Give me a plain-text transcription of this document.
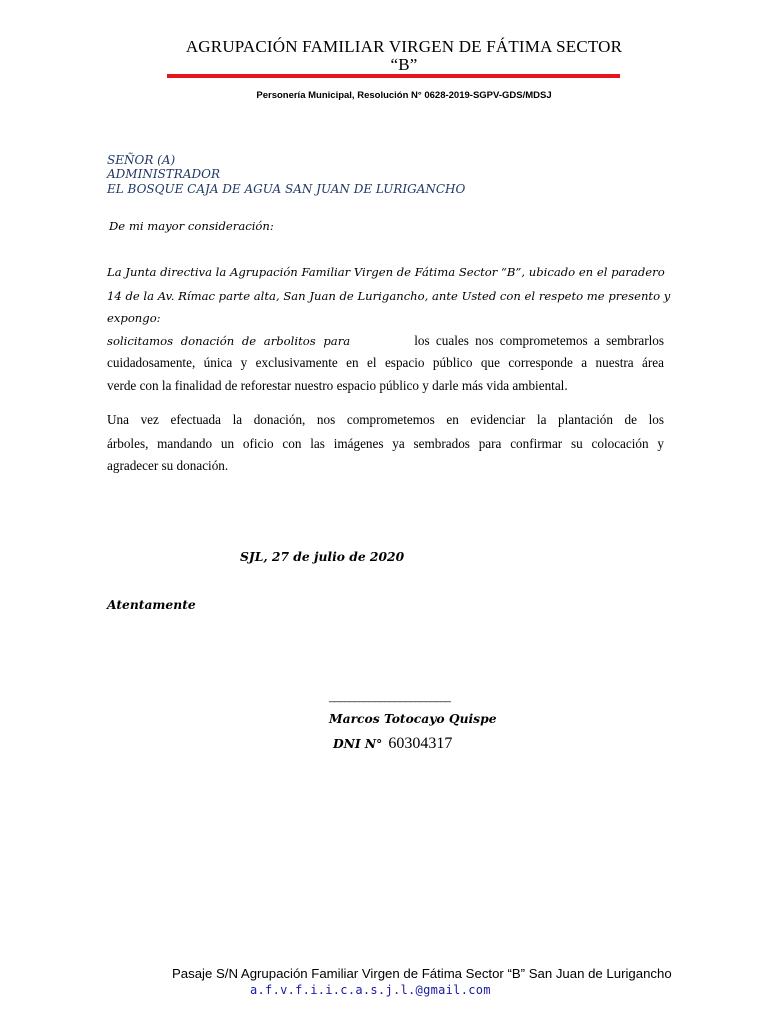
AGRUPACIÓN FAMILIAR VIRGEN DE FÁTIMA SECTOR
“B”
Personería Municipal, Resolución N° 0628-2019-SGPV-GDS/MDSJ
SEÑOR (A)
ADMINISTRADOR
EL BOSQUE CAJA DE AGUA SAN JUAN DE LURIGANCHO
De mi mayor consideración:
La Junta directiva la Agrupación Familiar Virgen de Fátima Sector “B”, ubicado en el paradero
14 de la Av. Rímac parte alta, San Juan de Lurigancho, ante Usted con el respeto me presento y
expongo:
solicitamos donación de arbolitos para	los cuales nos comprometemos a sembrarlos
cuidadosamente, única y exclusivamente en el espacio público que corresponde a nuestra área
verde con la finalidad de reforestar nuestro espacio público y darle más vida ambiental.
Una vez efectuada la donación, nos comprometemos en evidenciar la plantación de los
árboles, mandando un oficio con las imágenes ya sembrados para confirmar su colocación y
agradecer su donación.
SJL, 27 de julio de 2020
Atentamente
________________________
Marcos Totocayo Quispe
DNI N° 60304317
Pasaje S/N Agrupación Familiar Virgen de Fátima Sector “B” San Juan de Lurigancho
a.f.v.f.i.i.c.a.s.j.l.@gmail.com
